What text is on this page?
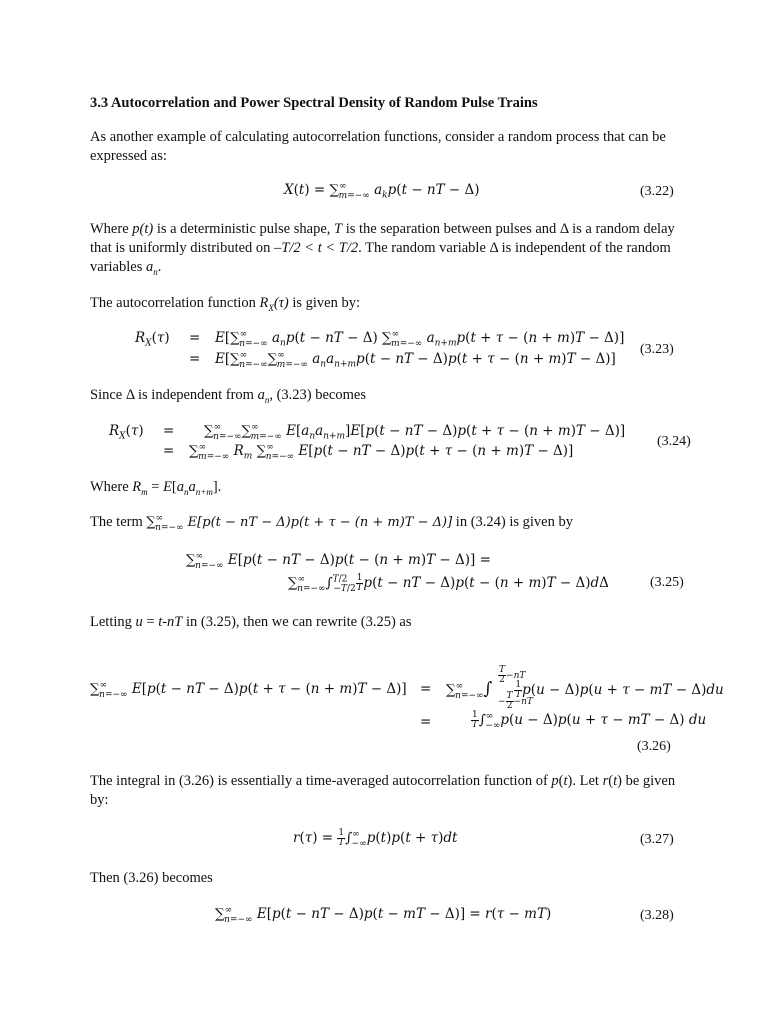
3.3 Autocorrelation and Power Spectral Density of Random Pulse Trains
As another example of calculating autocorrelation functions, consider a random process that can be expressed as:
$X(t) = \sum^\infty_{m=-\infty}$ $a_kp(t$ − nT − Δ)	(3.22)
Where p(t) is a deterministic pulse shape, T is the separation between pulses and Δ is a random delay that is uniformly distributed on –T/2 < t < T/2. The random variable Δ is independent of the random variables $a_n$.
The autocorrelation function $R_X(\tau)$ is given by:
$R_X(\tau) = E[\sum^\infty_{n=-\infty}$ $a_np(t$ − nT − Δ) $\sum^\infty_{m=-\infty}$ $a_{n+m}p(t + \tau - (n + m)T - \Delta)$]
= $E[\sum^\infty_{n=-\infty}\sum^\infty_{m=-\infty}$ $a_na_{n+m}p(t$ − nT − Δ)p(t + τ − (n + m)T − Δ)]
(3.23)
Since Δ is independent from $a_n$, (3.23) becomes
$R_X(\tau) = \sum^\infty_{n=-\infty}\sum^\infty_{m=-\infty}$ $E[a_na_{n+m}]E[p(t$ − nT − Δ)p(t + τ − (n + m)T − Δ)]
= $\sum^\infty_{m=-\infty}$ $R_m$ $\sum^\infty_{n=-\infty}$ E[p(t − nT − Δ)p(t + τ − (n + m)T − Δ)]
(3.24)
Where $R_m = E[a_na_{n+m}]$.
The term $\sum^\infty_{n=-\infty}$ E[p(t − nT − Δ)p(t + τ − (n + m)T − Δ)] in (3.24) is given by
$\sum^\infty_{n=-\infty}$ E[p(t − nT − Δ)p(t − (n + m)T − Δ)] =
$\sum^\infty_{n=-\infty}\int^{T/2}_{-T/2} \frac{1}{T} p(t$ − nT − Δ)p(t − (n + m)T − Δ)dΔ	(3.25)
Letting u = t-nT in (3.25), then we can rewrite (3.25) as
$\sum^\infty_{n=-\infty}$ E[p(t − nT − $\Delta)p(t + \tau - (n + m)T - \Delta)] = \sum^\infty_{n=-\infty}\int$
$\frac{T}{2} -nT$
− $\frac{T}{2} -nT$
$\frac{1}{T} p(u - \Delta)p(u + \tau$ − mT − Δ)du
=	$\frac{1}{T} \int^\infty_{-\infty}p(u - \Delta)p(u + \tau$ − mT − Δ) du
(3.26)
The integral in (3.26) is essentially a time-averaged autocorrelation function of p(t). Let r(t) be given by:
$r(\tau) = \frac{1}{T} \int^\infty_{-\infty}p(t)p(t + \tau)dt$	(3.27)
Then (3.26) becomes
$\sum^\infty_{n=-\infty}$ E[p(t − nT − Δ)p(t − mT − Δ)] = r(τ − mT)	(3.28)
